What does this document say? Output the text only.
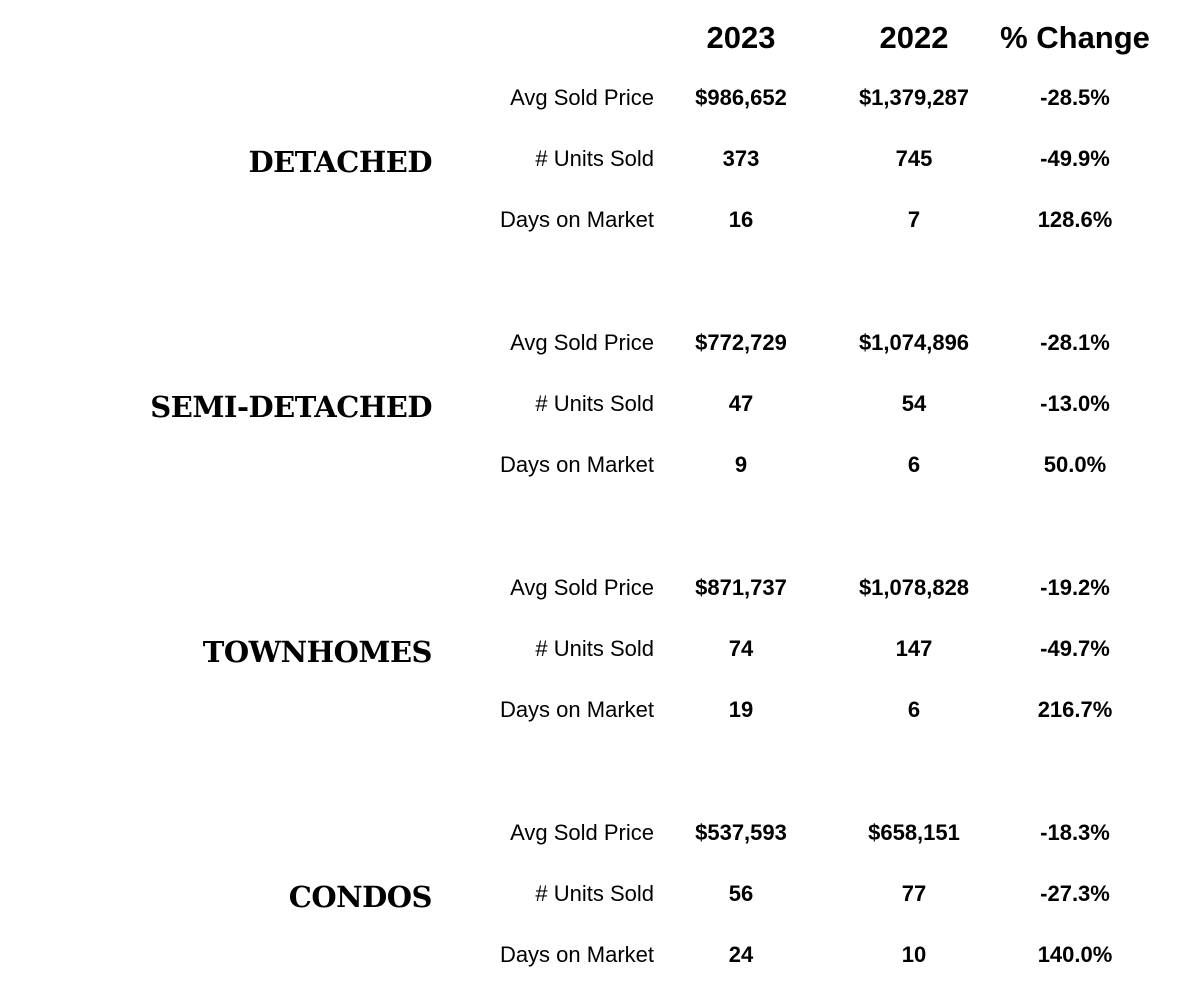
2023	2022	% Change
DETACHED
Avg Sold Price	$986,652	$1,379,287	-28.5%
# Units Sold	373	745	-49.9%
Days on Market	16	7	128.6%
SEMI-DETACHED
Avg Sold Price	$772,729	$1,074,896	-28.1%
# Units Sold	47	54	-13.0%
Days on Market	9	6	50.0%
TOWNHOMES
Avg Sold Price	$871,737	$1,078,828	-19.2%
# Units Sold	74	147	-49.7%
Days on Market	19	6	216.7%
CONDOS
Avg Sold Price	$537,593	$658,151	-18.3%
# Units Sold	56	77	-27.3%
Days on Market	24	10	140.0%
